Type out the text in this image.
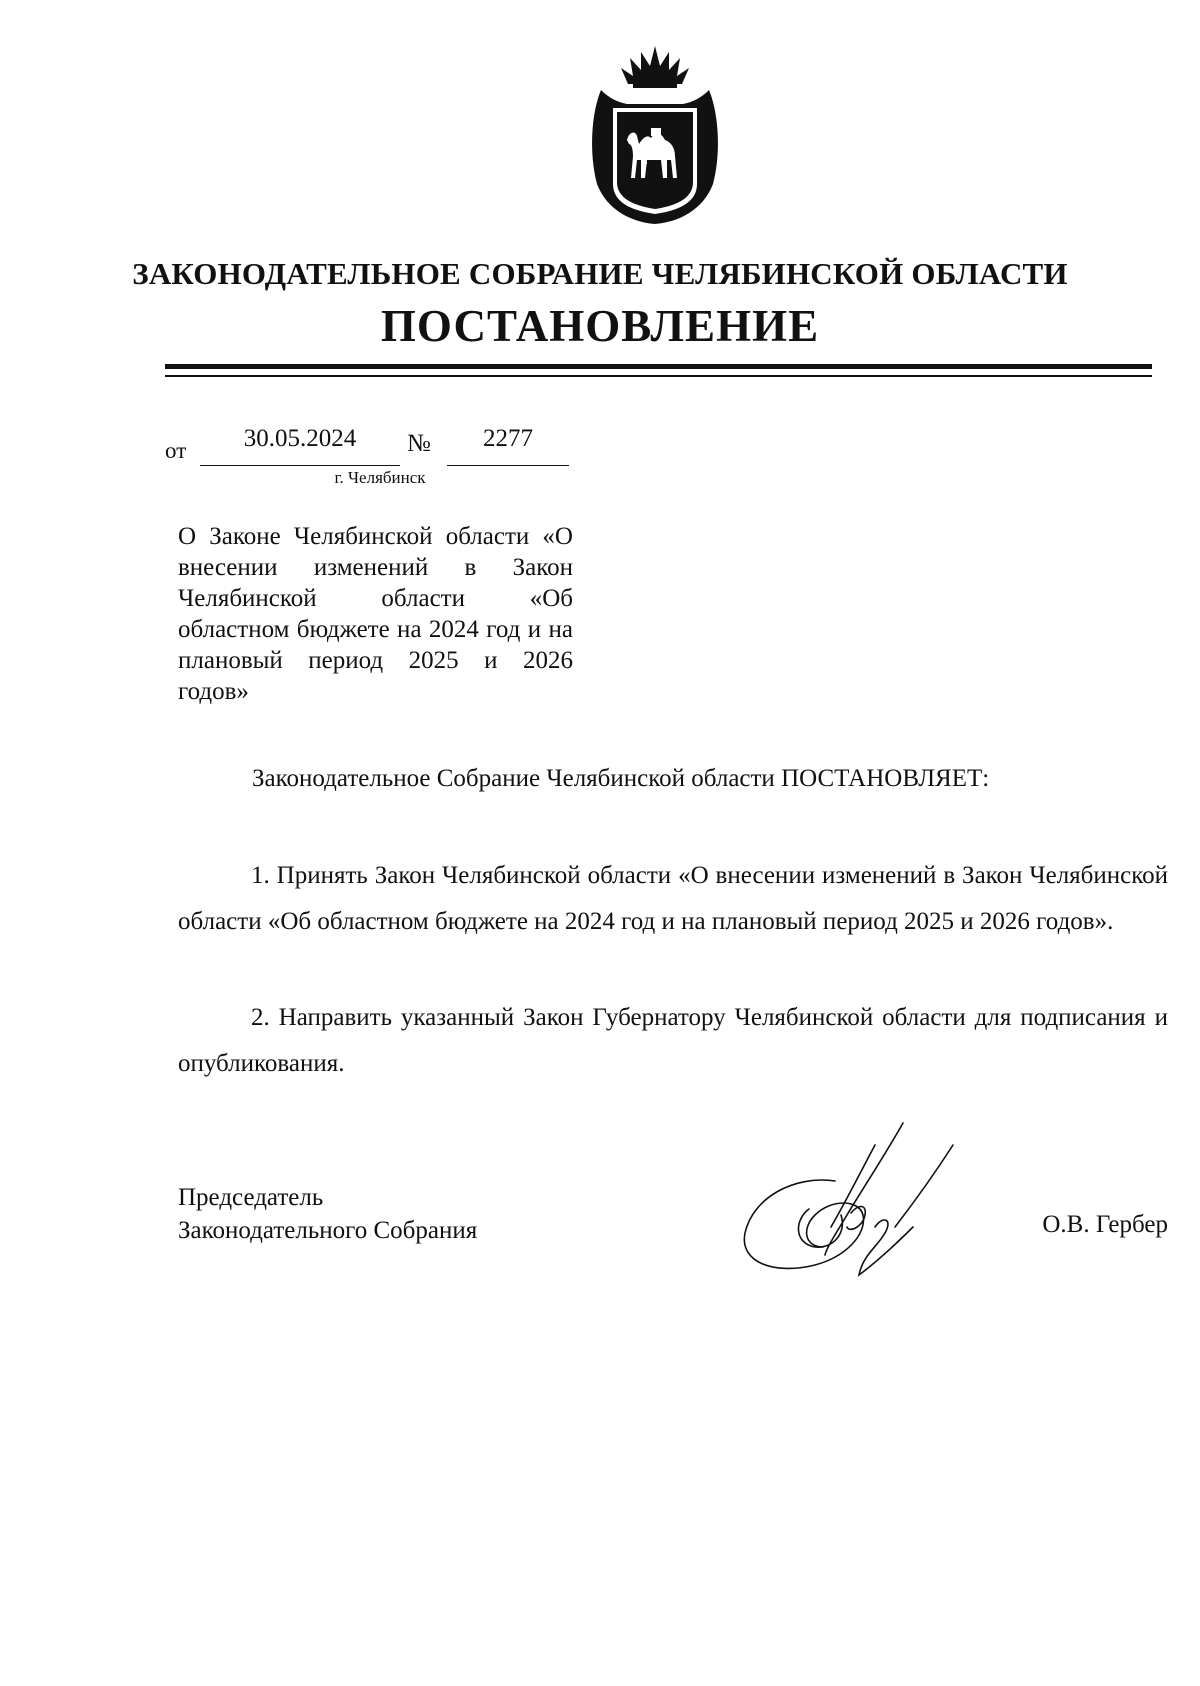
ЗАКОНОДАТЕЛЬНОЕ СОБРАНИЕ ЧЕЛЯБИНСКОЙ ОБЛАСТИ
ПОСТАНОВЛЕНИЕ
от	30.05.2024	№	2277
г. Челябинск
О Законе Челябинской области «О внесении изменений в Закон Челябинской области «Об областном бюджете на 2024 год и на плановый период 2025 и 2026 годов»
Законодательное Собрание Челябинской области ПОСТАНОВЛЯЕТ:
1. Принять Закон Челябинской области «О внесении изменений в Закон Челябинской области «Об областном бюджете на 2024 год и на плановый период 2025 и 2026 годов».
2. Направить указанный Закон Губернатору Челябинской области для подписания и опубликования.
Председатель
Законодательного Собрания	О.В. Гербер
